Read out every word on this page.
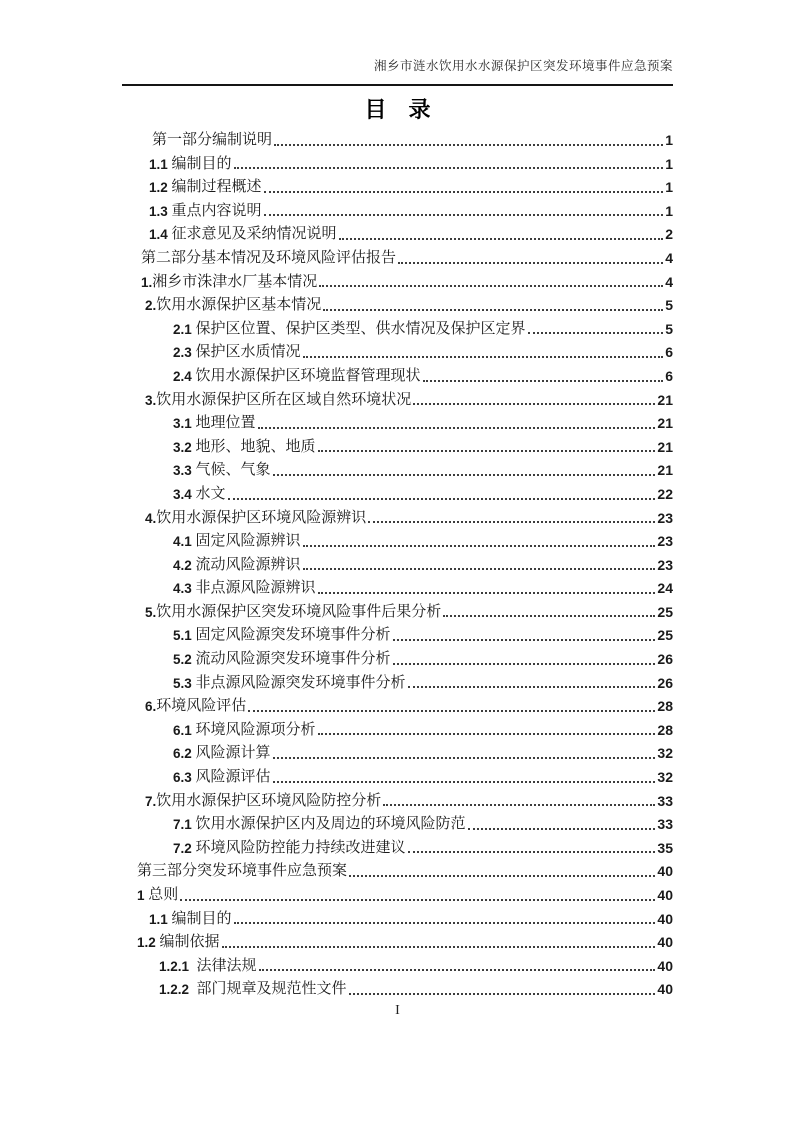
湘乡市涟水饮用水水源保护区突发环境事件应急预案
目　录
第一部分编制说明	1
1.1 编制目的	1
1.2 编制过程概述	1
1.3 重点内容说明	1
1.4 征求意见及采纳情况说明	2
第二部分基本情况及环境风险评估报告	4
1. 湘乡市洙津水厂基本情况	4
2. 饮用水源保护区基本情况	5
2.1 保护区位置、保护区类型、供水情况及保护区定界	5
2.3 保护区水质情况	6
2.4 饮用水源保护区环境监督管理现状	6
3. 饮用水源保护区所在区域自然环境状况	21
3.1 地理位置	21
3.2 地形、地貌、地质	21
3.3 气候、气象	21
3.4 水文	22
4. 饮用水源保护区环境风险源辨识	23
4.1 固定风险源辨识	23
4.2 流动风险源辨识	23
4.3 非点源风险源辨识	24
5. 饮用水源保护区突发环境风险事件后果分析	25
5.1 固定风险源突发环境事件分析	25
5.2 流动风险源突发环境事件分析	26
5.3 非点源风险源突发环境事件分析	26
6. 环境风险评估	28
6.1 环境风险源项分析	28
6.2 风险源计算	32
6.3 风险源评估	32
7. 饮用水源保护区环境风险防控分析	33
7.1 饮用水源保护区内及周边的环境风险防范	33
7.2 环境风险防控能力持续改进建议	35
第三部分突发环境事件应急预案	40
1 总则	40
1.1 编制目的	40
1.2 编制依据	40
1.2.1 法律法规	40
1.2.2 部门规章及规范性文件	40
I
